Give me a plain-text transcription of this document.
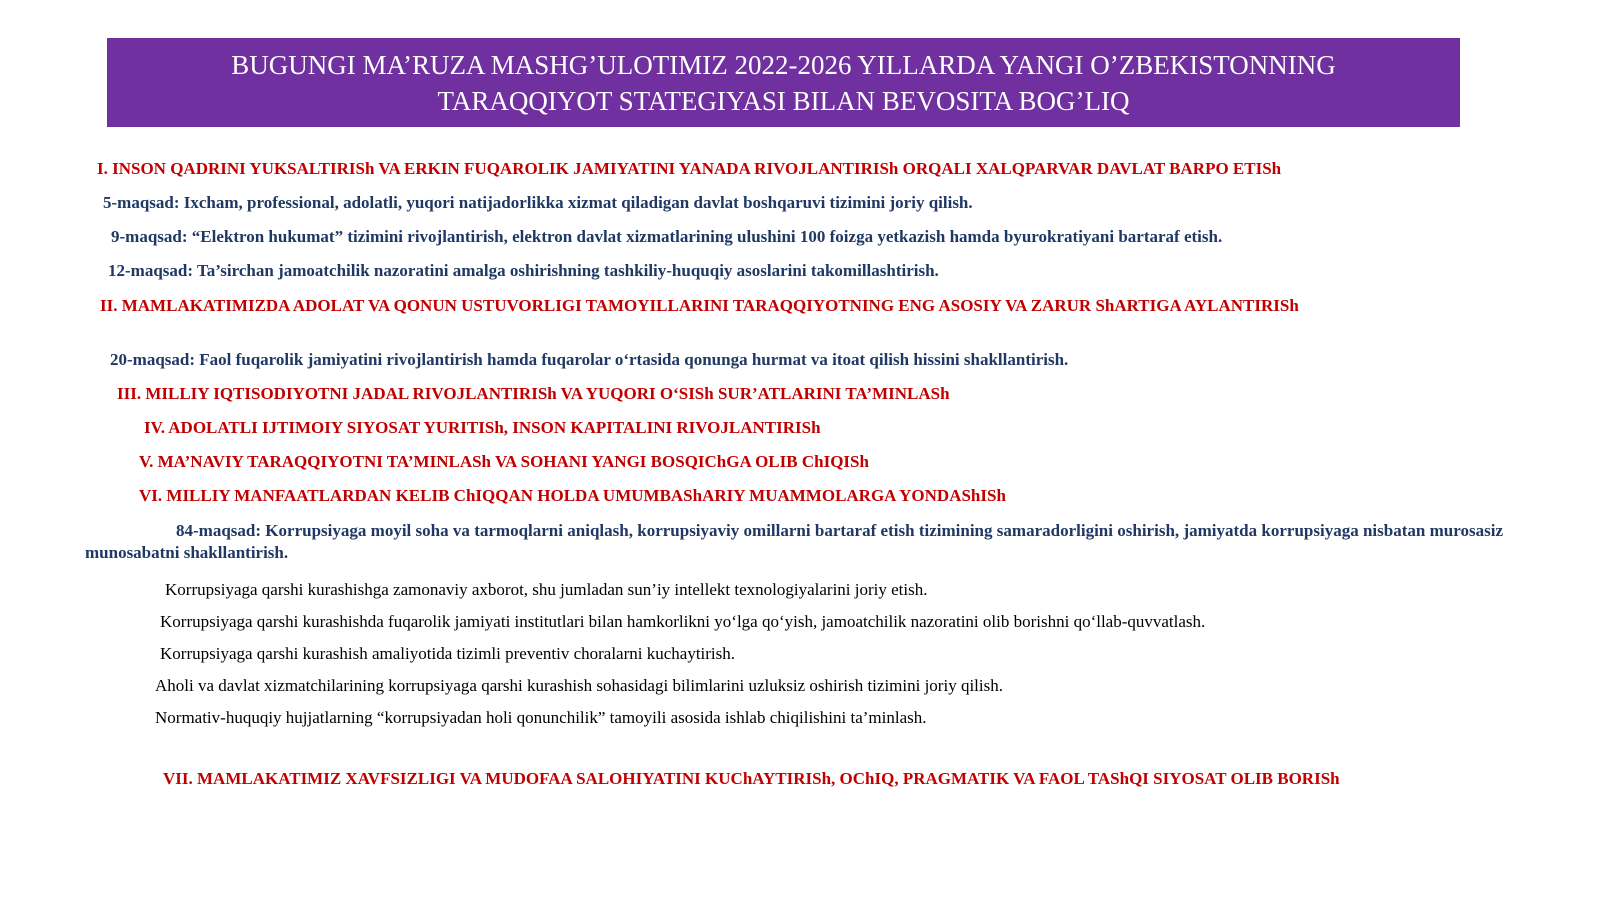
BUGUNGI MA’RUZA MASHG’ULOTIMIZ 2022-2026 YILLARDA YANGI O’ZBEKISTONNING
TARAQQIYOT STATEGIYASI BILAN BEVOSITA BOG’LIQ
I. INSON QADRINI YUKSALTIRISh VA ERKIN FUQAROLIK JAMIYATINI YANADA RIVOJLANTIRISh ORQALI XALQPARVAR DAVLAT BARPO ETISh
5-maqsad: Ixcham, professional, adolatli, yuqori natijadorlikka xizmat qiladigan davlat boshqaruvi tizimini joriy qilish.
9-maqsad: “Elektron hukumat” tizimini rivojlantirish, elektron davlat xizmatlarining ulushini 100 foizga yetkazish hamda byurokratiyani bartaraf etish.
12-maqsad: Ta’sirchan jamoatchilik nazoratini amalga oshirishning tashkiliy-huquqiy asoslarini takomillashtirish.
II. MAMLAKATIMIZDA ADOLAT VA QONUN USTUVORLIGI TAMOYILLARINI TARAQQIYOTNING ENG ASOSIY VA ZARUR ShARTIGA AYLANTIRISh
20-maqsad: Faol fuqarolik jamiyatini rivojlantirish hamda fuqarolar o‘rtasida qonunga hurmat va itoat qilish hissini shakllantirish.
III. MILLIY IQTISODIYOTNI JADAL RIVOJLANTIRISh VA YUQORI O‘SISh SUR’ATLARINI TA’MINLASh
IV. ADOLATLI IJTIMOIY SIYOSAT YURITISh, INSON KAPITALINI RIVOJLANTIRISh
V. MA’NAVIY TARAQQIYOTNI TA’MINLASh VA SOHANI YANGI BOSQIChGA OLIB ChIQISh
VI. MILLIY MANFAATLARDAN KELIB ChIQQAN HOLDA UMUMBAShARIY MUAMMOLARGA YONDAShISh
84-maqsad: Korrupsiyaga moyil soha va tarmoqlarni aniqlash, korrupsiyaviy omillarni bartaraf etish tizimining samaradorligini oshirish, jamiyatda korrupsiyaga nisbatan murosasiz munosabatni shakllantirish.
Korrupsiyaga qarshi kurashishga zamonaviy axborot, shu jumladan sun’iy intellekt texnologiyalarini joriy etish.
Korrupsiyaga qarshi kurashishda fuqarolik jamiyati institutlari bilan hamkorlikni yo‘lga qo‘yish, jamoatchilik nazoratini olib borishni qo‘llab-quvvatlash.
Korrupsiyaga qarshi kurashish amaliyotida tizimli preventiv choralarni kuchaytirish.
Aholi va davlat xizmatchilarining korrupsiyaga qarshi kurashish sohasidagi bilimlarini uzluksiz oshirish tizimini joriy qilish.
Normativ-huquqiy hujjatlarning “korrupsiyadan holi qonunchilik” tamoyili asosida ishlab chiqilishini ta’minlash.
VII. MAMLAKATIMIZ XAVFSIZLIGI VA MUDOFAA SALOHIYATINI KUChAYTIRISh, OChIQ, PRAGMATIK VA FAOL TAShQI SIYOSAT OLIB BORISh
